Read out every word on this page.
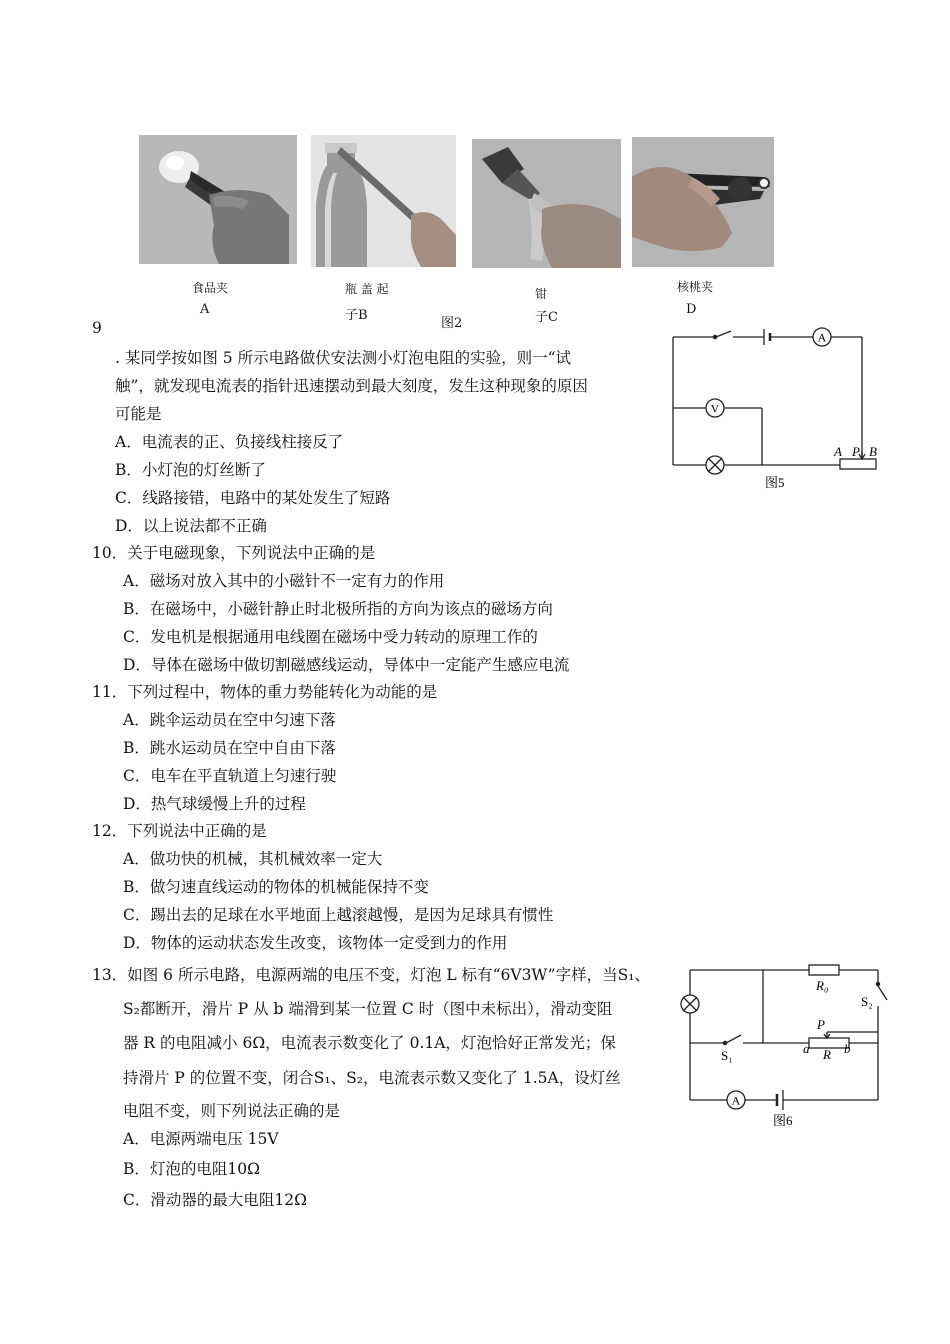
食品夹
A
瓶 盖 起
子B
图2
钳
子C
核桃夹
D
9
. 某同学按如图 5 所示电路做伏安法测小灯泡电阻的实验，则一“试
触”，就发现电流表的指针迅速摆动到最大刻度，发生这种现象的原因
可能是
A．电流表的正、负接线柱接反了
B．小灯泡的灯丝断了
C．线路接错，电路中的某处发生了短路
D．以上说法都不正确
A
V
A P B
图5
10．关于电磁现象，下列说法中正确的是
A．磁场对放入其中的小磁针不一定有力的作用
B．在磁场中，小磁针静止时北极所指的方向为该点的磁场方向
C．发电机是根据通用电线圈在磁场中受力转动的原理工作的
D．导体在磁场中做切割磁感线运动，导体中一定能产生感应电流
11．下列过程中，物体的重力势能转化为动能的是
A．跳伞运动员在空中匀速下落
B．跳水运动员在空中自由下落
C．电车在平直轨道上匀速行驶
D．热气球缓慢上升的过程
12．下列说法中正确的是
A．做功快的机械，其机械效率一定大
B．做匀速直线运动的物体的机械能保持不变
C．踢出去的足球在水平地面上越滚越慢，是因为足球具有惯性
D．物体的运动状态发生改变，该物体一定受到力的作用
13．如图 6 所示电路，电源两端的电压不变，灯泡 L 标有“6V3W”字样，当S₁、
S₂都断开，滑片 P 从 b 端滑到某一位置 C 时（图中未标出），滑动变阻
器 R 的电阻减小 6Ω，电流表示数变化了 0.1A，灯泡恰好正常发光；保
持滑片 P 的位置不变，闭合S₁、S₂，电流表示数又变化了 1.5A，设灯丝
电阻不变，则下列说法正确的是
A．电源两端电压 15V
B．灯泡的电阻10Ω
C．滑动器的最大电阻12Ω
R₀
S₂
P
a R b
S₁
A
图6
